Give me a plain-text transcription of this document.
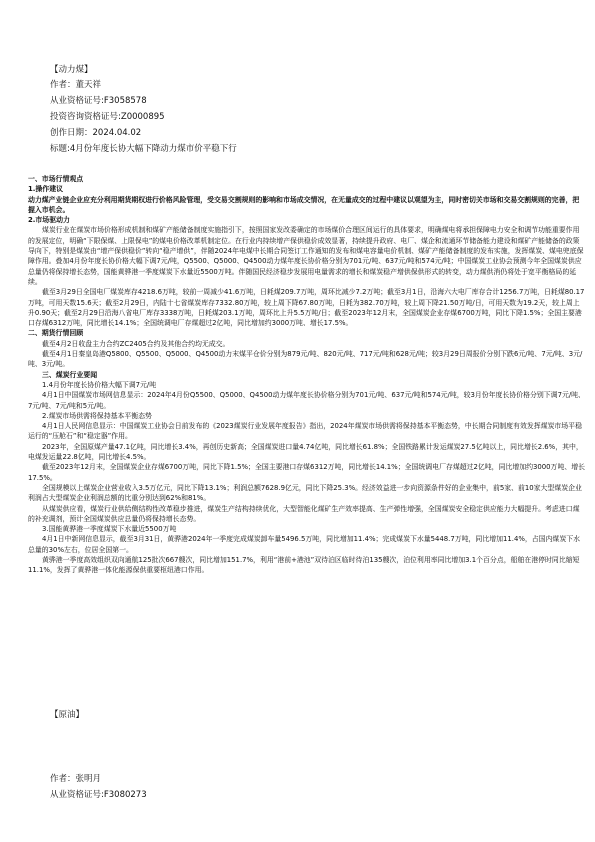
【动力煤】
作者：董天祥
从业资格证号:F3058578
投资咨询资格证号:Z0000895
创作日期：2024.04.02
标题:4月份年度长协大幅下降动力煤市价平稳下行

一、市场行情观点

1.操作建议

动力煤产业链企业应充分利用期货期权进行价格风险管理，受交易交割规则的影响和市场成交情况，在无量成交的过程中建议以观望为主，同时密切关市场和交易交割规则的完善，把握入市机会。

2.市场驱动力

煤炭行业在煤炭市场价格形成机制和煤矿产能储备制度实施指引下，按照国家发改委确定的市场煤价合理区间运行的具体要求，明确煤电将承担保障电力安全和调节功能重要作用的发展定位，明确“下限保煤、上限保电”的煤电价格改革机制定位。在行业内持续增产保供稳价成效显著，持续提升政府、电厂、煤企和流通环节储备能力建设和煤矿产能储备的政策导向下，特别是煤炭由“增产保供稳价”转向“稳产增供”，伴随2024年电煤中长期合同签订工作通知的发布和煤电容量电价机制、煤矿产能储备制度的发布实施，发挥煤炭、煤电兜底保障作用。叠加4月份年度长协价格大幅下调7元/吨，Q5500、Q5000、Q4500动力煤年度长协价格分别为701元/吨、637元/吨和574元/吨；中国煤炭工业协会预测今年全国煤炭供应总量仍将保持增长态势，国能黄骅港一季度煤炭下水量近5500万吨。伴随国民经济稳步发展用电量需求的增长和煤炭稳产增供保供形式的转变，动力煤供消仍将处于宽平衡格局的延续。

截至3月29日全国电厂煤炭库存4218.6万吨，较前一周减少41.6万吨，日耗煤209.7万吨，周环比减少7.2万吨；截至3月1日，沿海六大电厂库存合计1256.7万吨，日耗煤80.17万吨，可用天数15.6天；截至2月29日，内陆十七省煤炭库存7332.80万吨，较上周下降67.80万吨，日耗为382.70万吨，较上周下降21.50万吨/日，可用天数为19.2天，较上周上升0.90天；截至2月29日沿海八省电厂库存3338万吨，日耗煤203.1万吨，周环比上升5.5万吨/日；截至2023年12月末，全国煤炭企业存煤6700万吨，同比下降1.5%；全国主要港口存煤6312万吨，同比增长14.1%；全国统调电厂存煤超过2亿吨，同比增加约3000万吨、增长17.5%。

二、期货行情回顾

截至4月2日收盘主力合约ZC2405合约及其他合约均无成交。

截至4月1日秦皇岛港Q5800、Q5500、Q5000、Q4500动力末煤平仓价分别为879元/吨、820元/吨、717元/吨和628元/吨；较3月29日周报价分别下跌6元/吨、7元/吨、3元/吨、3元/吨。

三、煤炭行业要闻

1.4月份年度长协价格大幅下调7元/吨

4月1日中国煤炭市场网信息显示：2024年4月份Q5500、Q5000、Q4500动力煤年度长协价格分别为701元/吨、637元/吨和574元/吨，较3月份年度长协价格分别下调7元/吨、7元/吨、7元/吨和5元/吨。

2.煤炭市场供需将保持基本平衡态势

4月1日人民网信息显示：中国煤炭工业协会日前发布的《2023煤炭行业发展年度报告》指出，2024年煤炭市场供需将保持基本平衡态势，中长期合同制度有效发挥煤炭市场平稳运行的“压舱石”和“稳定器”作用。

2023年，全国原煤产量47.1亿吨，同比增长3.4%，再创历史新高；全国煤炭进口量4.74亿吨，同比增长61.8%；全国铁路累计发运煤炭27.5亿吨以上，同比增长2.6%，其中，电煤发运量22.8亿吨，同比增长4.5%。

截至2023年12月末，全国煤炭企业存煤6700万吨，同比下降1.5%；全国主要港口存煤6312万吨，同比增长14.1%；全国统调电厂存煤超过2亿吨，同比增加约3000万吨、增长17.5%。

全国规模以上煤炭企业营业收入3.5万亿元，同比下降13.1%；利润总额7628.9亿元，同比下降25.3%。经济效益进一步向资源条件好的企业集中，前5家、前10家大型煤炭企业利润占大型煤炭企业利润总额的比重分别达到62%和81%。

从煤炭供应看，煤炭行业供给侧结构性改革稳步推进，煤炭生产结构持续优化，大型智能化煤矿生产效率提高、生产弹性增强，全国煤炭安全稳定供应能力大幅提升。考虑进口煤的补充调剂，预计全国煤炭供应总量仍将保持增长态势。

3.国能黄骅港一季度煤炭下水量近5500万吨

4月1日中新网信息显示，截至3月31日，黄骅港2024年一季度完成煤炭卸车量5496.5万吨，同比增加11.4%；完成煤炭下水量5448.7万吨，同比增加11.4%，占国内煤炭下水总量的30%左右，位居全国第一。

黄骅港一季度高效组织双向通航125批次667艘次，同比增加151.7%，利用“港前+港池”双待泊区临时待泊135艘次，泊位利用率同比增加3.1个百分点，船舶在港停时同比缩短11.1%，发挥了黄骅港一体化能源保供重要枢纽港口作用。

【原油】
作者：张明月
从业资格证号:F3080273
